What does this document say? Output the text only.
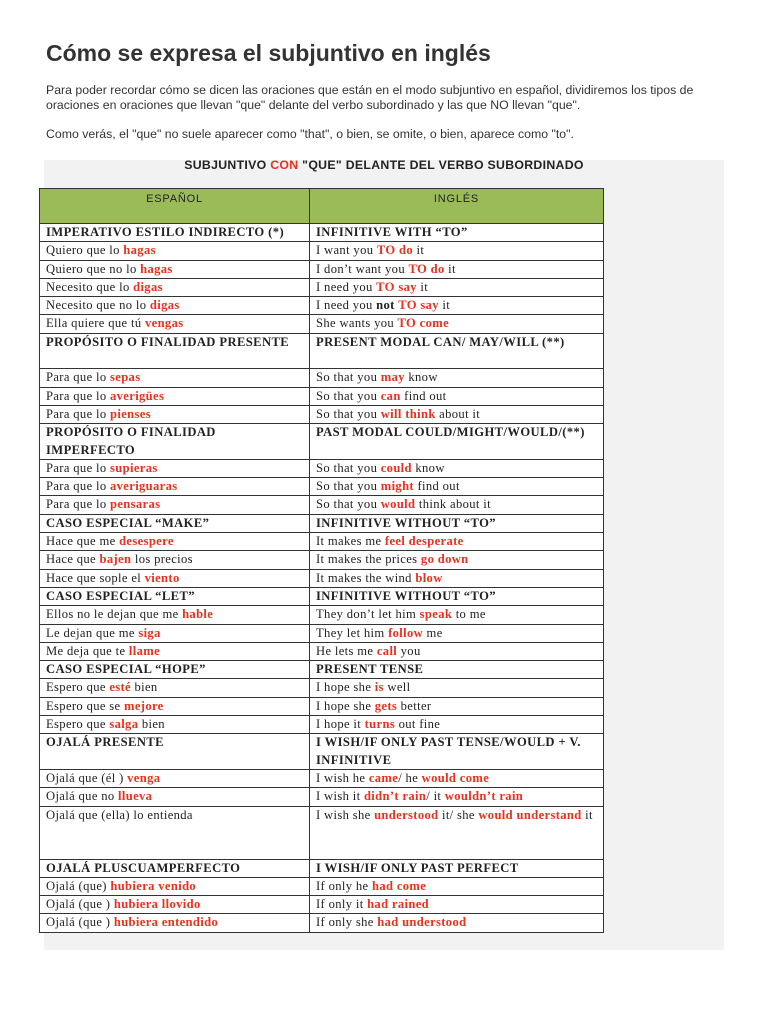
Cómo se expresa el subjuntivo en inglés
Para poder recordar cómo se dicen las oraciones que están en el modo subjuntivo en español, dividiremos los tipos de oraciones en oraciones que llevan "que" delante del verbo subordinado y las que NO llevan "que".
Como verás, el "que" no suele aparecer como "that", o bien, se omite, o bien, aparece como "to".
SUBJUNTIVO CON "QUE" DELANTE DEL VERBO SUBORDINADO
ESPAÑOL	INGLÉS
IMPERATIVO ESTILO INDIRECTO (*)	INFINITIVE WITH “TO”
Quiero que lo hagas	I want you TO do it
Quiero que no lo hagas	I don’t want you TO do it
Necesito que lo digas	I need you TO say it
Necesito que no lo digas	I need you not TO say it
Ella quiere que tú vengas	She wants you TO come
PROPÓSITO O FINALIDAD PRESENTE	PRESENT MODAL CAN/ MAY/WILL (**)
Para que lo sepas	So that you may know
Para que lo averigües	So that you can find out
Para que lo pienses	So that you will think about it
PROPÓSITO O FINALIDAD IMPERFECTO	PAST MODAL COULD/MIGHT/WOULD/(**)
Para que lo supieras	So that you could know
Para que lo averiguaras	So that you might find out
Para que lo pensaras	So that you would think about it
CASO ESPECIAL “MAKE”	INFINITIVE WITHOUT “TO”
Hace que me desespere	It makes me feel desperate
Hace que bajen los precios	It makes the prices go down
Hace que sople el viento	It makes the wind blow
CASO ESPECIAL “LET”	INFINITIVE WITHOUT “TO”
Ellos no le dejan que me hable	They don’t let him speak to me
Le dejan que me siga	They let him follow me
Me deja que te llame	He lets me call you
CASO ESPECIAL “HOPE”	PRESENT TENSE
Espero que esté bien	I hope she is well
Espero que se mejore	I hope she gets better
Espero que salga bien	I hope it turns out fine
OJALÁ PRESENTE	I WISH/IF ONLY PAST TENSE/WOULD + V. INFINITIVE
Ojalá que (él ) venga	I wish he came/ he would come
Ojalá que no llueva	I wish it didn’t rain/ it wouldn’t rain
Ojalá que (ella) lo entienda	I wish she understood it/ she would understand it
OJALÁ PLUSCUAMPERFECTO	I WISH/IF ONLY PAST PERFECT
Ojalá (que) hubiera venido	If only he had come
Ojalá (que ) hubiera llovido	If only it had rained
Ojalá (que ) hubiera entendido	If only she had understood
